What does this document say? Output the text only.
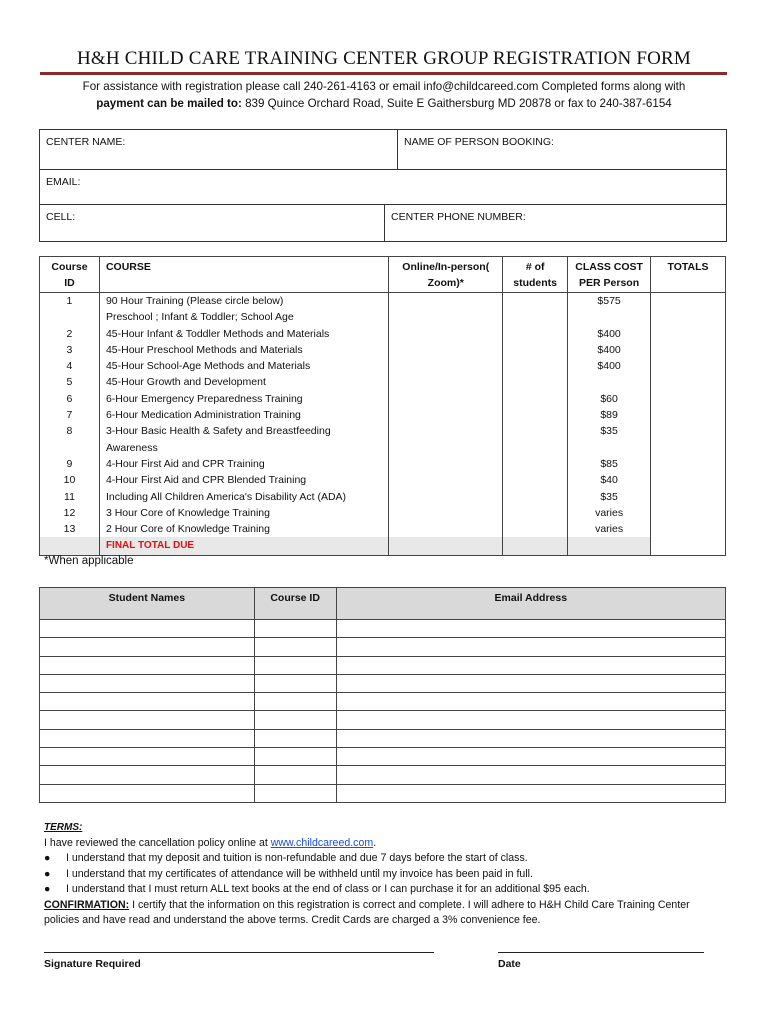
H&H CHILD CARE TRAINING CENTER GROUP REGISTRATION FORM
For assistance with registration please call 240-261-4163 or email info@childcareed.com Completed forms along with
payment can be mailed to: 839 Quince Orchard Road, Suite E Gaithersburg MD 20878 or fax to 240-387-6154
CENTER NAME:	NAME OF PERSON BOOKING:
EMAIL:
CELL:	CENTER PHONE NUMBER:
Course ID	COURSE	Online/In-person( Zoom)*	# of students	CLASS COST PER Person	TOTALS
1	90 Hour Training (Please circle below)			$575	
	Preschool ; Infant & Toddler; School Age				
2	45-Hour Infant & Toddler Methods and Materials			$400	
3	45-Hour Preschool Methods and Materials			$400	
4	45-Hour School-Age Methods and Materials			$400	
5	45-Hour Growth and Development				
6	6-Hour Emergency Preparedness Training			$60	
7	6-Hour Medication Administration Training			$89	
8	3-Hour Basic Health & Safety and Breastfeeding			$35	
	Awareness				
9	4-Hour First Aid and CPR Training			$85	
10	4-Hour First Aid and CPR Blended Training			$40	
11	Including All Children America's Disability Act (ADA)			$35	
12	3 Hour Core of Knowledge Training			varies	
13	2 Hour Core of Knowledge Training			varies	
	FINAL TOTAL DUE				
*When applicable
Student Names	Course ID	Email Address

TERMS:
I have reviewed the cancellation policy online at www.childcareed.com.
●	I understand that my deposit and tuition is non-refundable and due 7 days before the start of class.
●	I understand that my certificates of attendance will be withheld until my invoice has been paid in full.
●	I understand that I must return ALL text books at the end of class or I can purchase it for an additional $95 each.
CONFIRMATION: I certify that the information on this registration is correct and complete. I will adhere to H&H Child Care Training Center policies and have read and understand the above terms. Credit Cards are charged a 3% convenience fee.
Signature Required	Date
